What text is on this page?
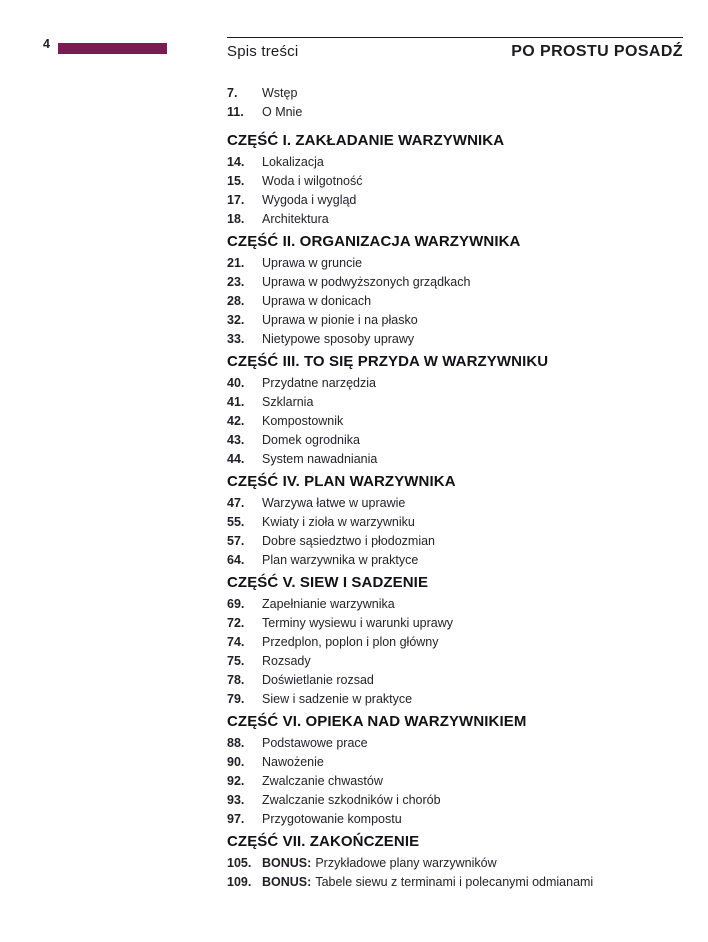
4	Spis treści	PO PROSTU POSADŹ
7.	Wstęp
11.	O Mnie
CZĘŚĆ I. ZAKŁADANIE WARZYWNIKA
14.	Lokalizacja
15.	Woda i wilgotność
17.	Wygoda i wygląd
18.	Architektura
CZĘŚĆ II. ORGANIZACJA WARZYWNIKA
21.	Uprawa w gruncie
23.	Uprawa w podwyższonych grządkach
28.	Uprawa w donicach
32.	Uprawa w pionie i na płasko
33.	Nietypowe sposoby uprawy
CZĘŚĆ III. TO SIĘ PRZYDA W WARZYWNIKU
40.	Przydatne narzędzia
41.	Szklarnia
42.	Kompostownik
43.	Domek ogrodnika
44.	System nawadniania
CZĘŚĆ IV. PLAN WARZYWNIKA
47.	Warzywa łatwe w uprawie
55.	Kwiaty i zioła w warzywniku
57.	Dobre sąsiedztwo i płodozmian
64.	Plan warzywnika w praktyce
CZĘŚĆ V. SIEW I SADZENIE
69.	Zapełnianie warzywnika
72.	Terminy wysiewu i warunki uprawy
74.	Przedplon, poplon i plon główny
75.	Rozsady
78.	Doświetlanie rozsad
79.	Siew i sadzenie w praktyce
CZĘŚĆ VI. OPIEKA NAD WARZYWNIKIEM
88.	Podstawowe prace
90.	Nawożenie
92.	Zwalczanie chwastów
93.	Zwalczanie szkodników i chorób
97.	Przygotowanie kompostu
CZĘŚĆ VII. ZAKOŃCZENIE
105. BONUS: Przykładowe plany warzywników
109. BONUS: Tabele siewu z terminami i polecanymi odmianami
